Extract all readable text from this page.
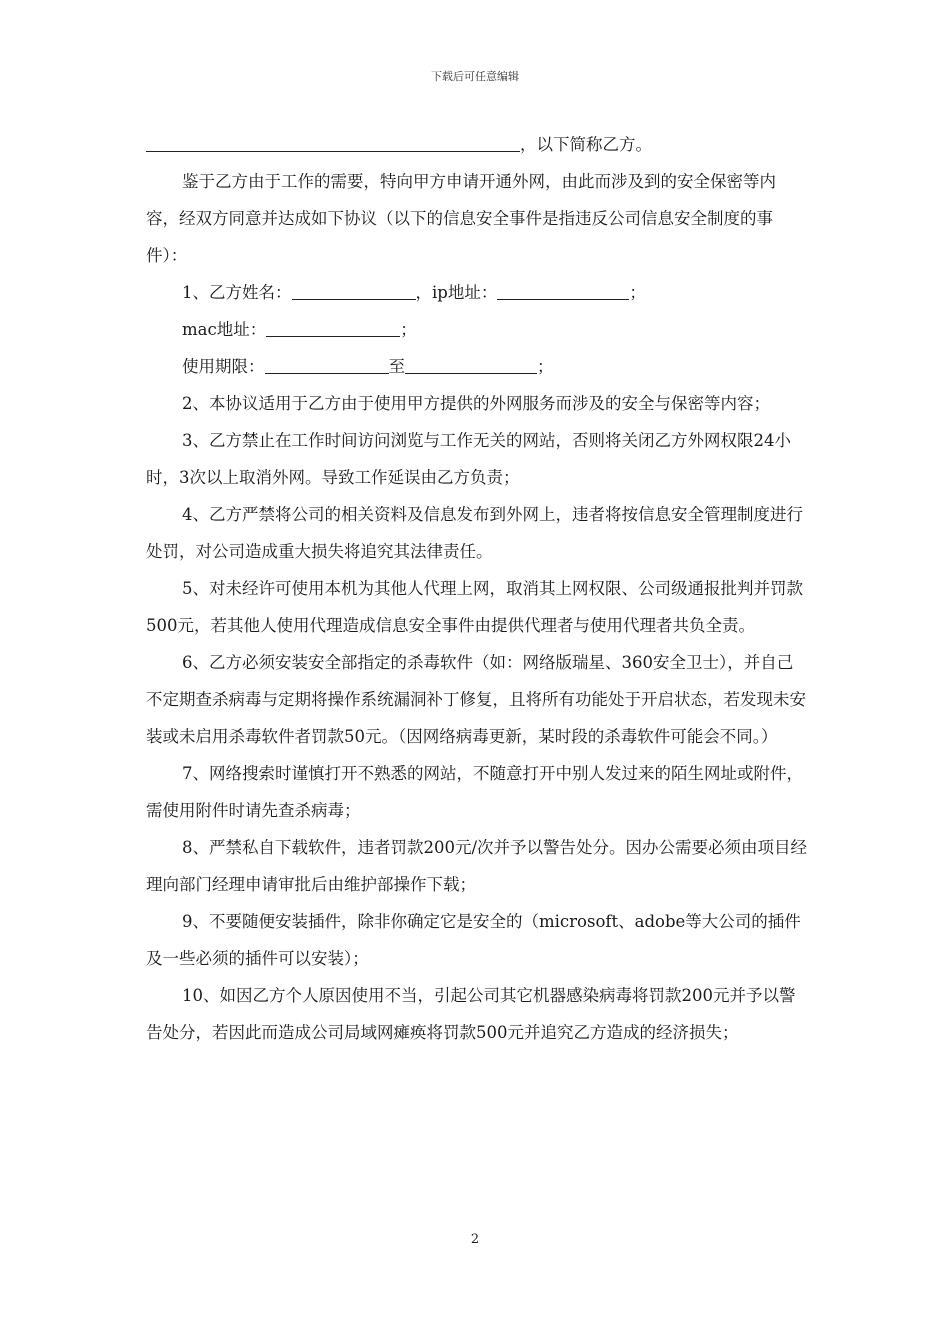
下载后可任意编辑

，以下简称乙方。

鉴于乙方由于工作的需要，特向甲方申请开通外网，由此而涉及到的安全保密等内容，经双方同意并达成如下协议（以下的信息安全事件是指违反公司信息安全制度的事件）：

1、乙方姓名：	，ip地址：	；

mac地址：	；

使用期限：	至	；

2、本协议适用于乙方由于使用甲方提供的外网服务而涉及的安全与保密等内容；

3、乙方禁止在工作时间访问浏览与工作无关的网站，否则将关闭乙方外网权限24小时，3次以上取消外网。导致工作延误由乙方负责；

4、乙方严禁将公司的相关资料及信息发布到外网上，违者将按信息安全管理制度进行处罚，对公司造成重大损失将追究其法律责任。

5、对未经许可使用本机为其他人代理上网，取消其上网权限、公司级通报批判并罚款500元，若其他人使用代理造成信息安全事件由提供代理者与使用代理者共负全责。

6、乙方必须安装安全部指定的杀毒软件（如：网络版瑞星、360安全卫士），并自己不定期查杀病毒与定期将操作系统漏洞补丁修复，且将所有功能处于开启状态，若发现未安装或未启用杀毒软件者罚款50元。（因网络病毒更新，某时段的杀毒软件可能会不同。）

7、网络搜索时谨慎打开不熟悉的网站，不随意打开中别人发过来的陌生网址或附件，需使用附件时请先查杀病毒；

8、严禁私自下载软件，违者罚款200元/次并予以警告处分。因办公需要必须由项目经理向部门经理申请审批后由维护部操作下载；

9、不要随便安装插件，除非你确定它是安全的（microsoft、adobe等大公司的插件及一些必须的插件可以安装）；

10、如因乙方个人原因使用不当，引起公司其它机器感染病毒将罚款200元并予以警告处分，若因此而造成公司局域网瘫痪将罚款500元并追究乙方造成的经济损失；

2
